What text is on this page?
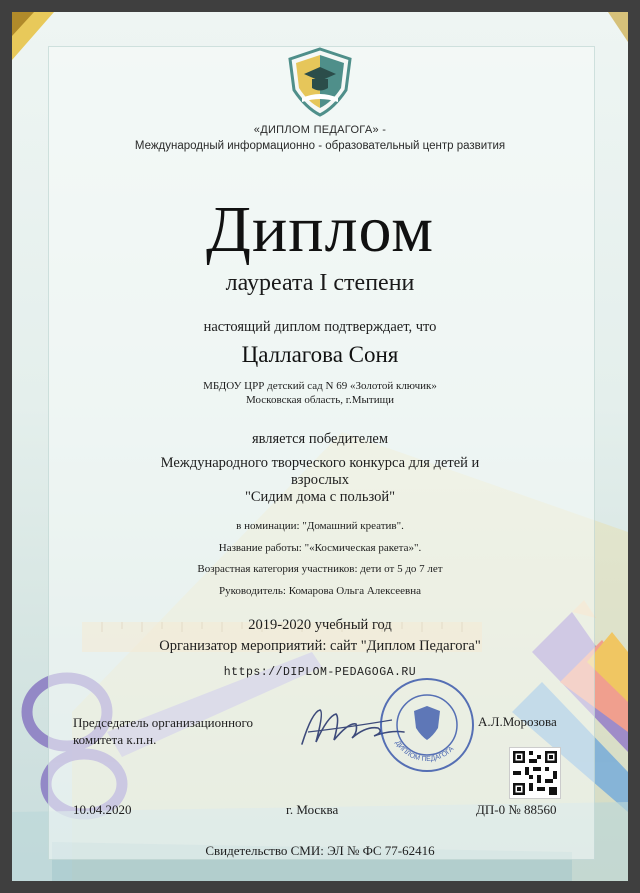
«ДИПЛОМ ПЕДАГОГА» -
Международный информационно - образовательный центр развития
Диплом
лауреата I степени
настоящий диплом подтверждает, что
Цаллагова Соня
МБДОУ ЦРР детский сад N 69 «Золотой ключик»
Московская область, г.Мытищи
является победителем
Международного творческого конкурса для детей и
взрослых
"Сидим дома с пользой"
в номинации: "Домашний креатив".
Название работы: "«Космическая ракета»".
Возрастная категория участников: дети от 5 до 7 лет
Руководитель: Комарова Ольга Алексеевна
2019-2020 учебный год
Организатор мероприятий: сайт "Диплом Педагога"
https://DIPLOM-PEDAGOGA.RU
Председатель организационного
комитета к.п.н.	ДИПЛОМ ПЕДАГОГА
А.Л.Морозова
10.04.2020	г. Москва	ДП-0 № 88560
Свидетельство СМИ: ЭЛ № ФС 77-62416
